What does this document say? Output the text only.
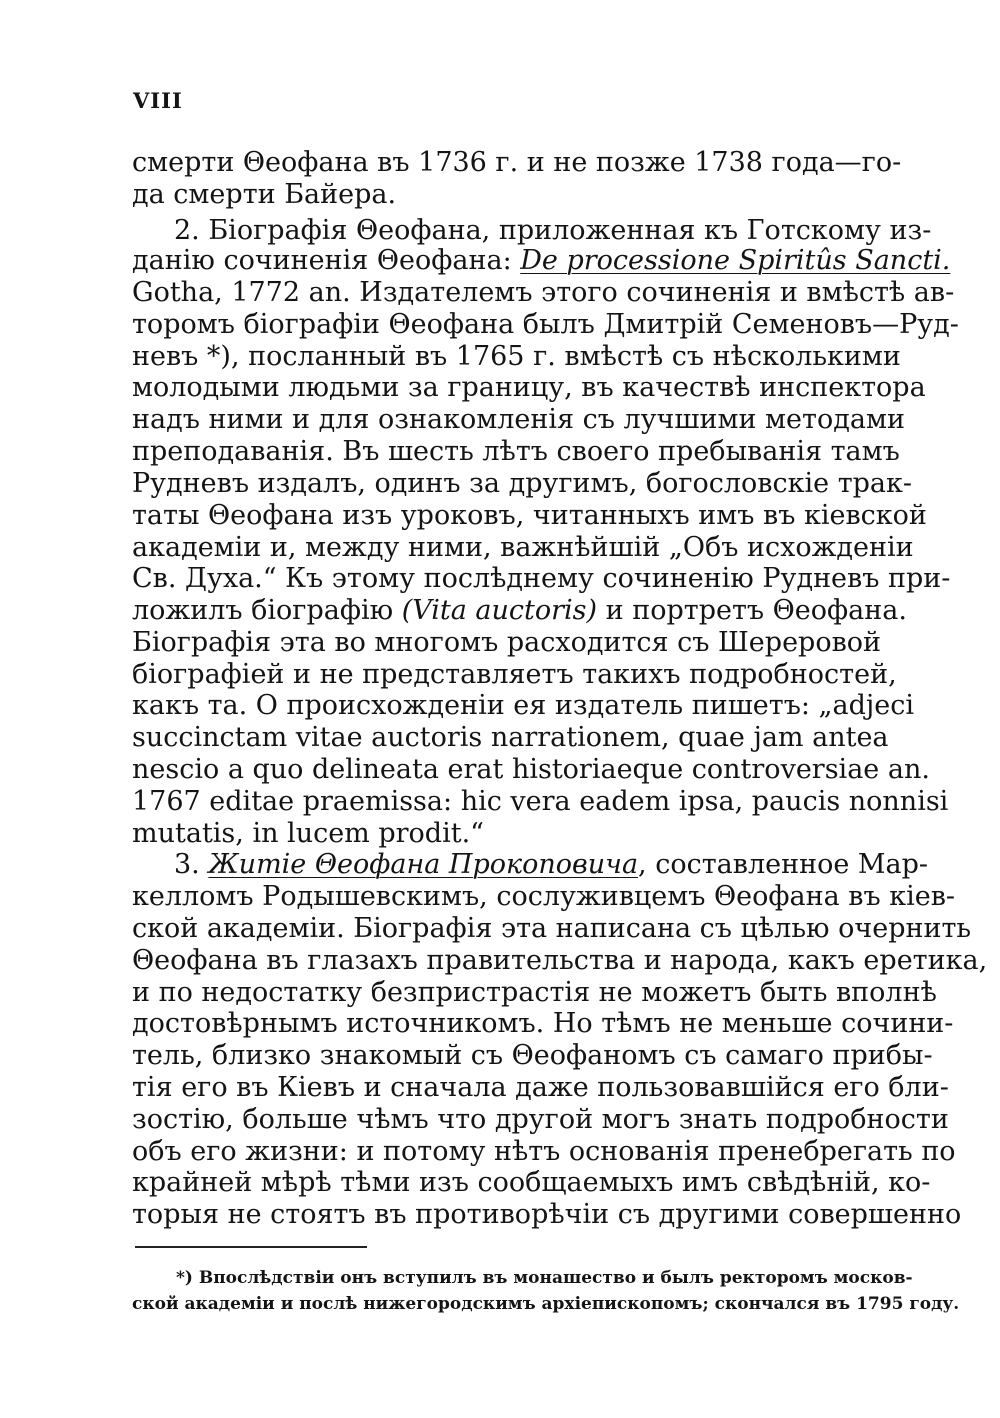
VIII
смерти Θеофана въ 1736 г. и не позже 1738 года—го-
да смерти Байера.
2. Біографія Θеофана, приложенная къ Готскому из-
данію сочиненія Θеофана: De processione Spiritûs Sancti.
Gotha, 1772 an. Издателемъ этого сочиненія и вмѣстѣ ав-
торомъ біографіи Θеофана былъ Дмитрій Семеновъ—Руд-
невъ *), посланный въ 1765 г. вмѣстѣ съ нѣсколькими
молодыми людьми за границу, въ качествѣ инспектора
надъ ними и для ознакомленія съ лучшими методами
преподаванія. Въ шесть лѣтъ своего пребыванія тамъ
Рудневъ издалъ, одинъ за другимъ, богословскіе трак-
таты Θеофана изъ уроковъ, читанныхъ имъ въ кіевской
академіи и, между ними, важнѣйшій „Объ исхожденіи
Св. Духа.“ Къ этому послѣднему сочиненію Рудневъ при-
ложилъ біографію (Vita auctoris) и портретъ Θеофана.
Біографія эта во многомъ расходится съ Шереровой
біографіей и не представляетъ такихъ подробностей,
какъ та. О происхожденіи ея издатель пишетъ: „adjeci
succinctam vitae auctoris narrationem, quae jam antea
nescio a quo delineata erat historiaeque controversiae an.
1767 editae praemissa: hic vera eadem ipsa, paucis nonnisi
mutatis, in lucem prodit.“
3. Житіе Θеофана Прокоповича, составленное Мар-
келломъ Родышевскимъ, сослуживцемъ Θеофана въ кіев-
ской академіи. Біографія эта написана съ цѣлью очернить
Θеофана въ глазахъ правительства и народа, какъ еретика,
и по недостатку безпристрастія не можетъ быть вполнѣ
достовѣрнымъ источникомъ. Но тѣмъ не меньше сочини-
тель, близко знакомый съ Θеофаномъ съ самаго прибы-
тія его въ Кіевъ и сначала даже пользовавшійся его бли-
зостію, больше чѣмъ что другой могъ знать подробности
объ его жизни: и потому нѣтъ основанія пренебрегать по
крайней мѣрѣ тѣми изъ сообщаемыхъ имъ свѣдѣній, ко-
торыя не стоятъ въ противорѣчіи съ другими совершенно
*) Впослѣдствіи онъ вступилъ въ монашество и былъ ректоромъ москов-
ской академіи и послѣ нижегородскимъ архіепископомъ; скончался въ 1795 году.
